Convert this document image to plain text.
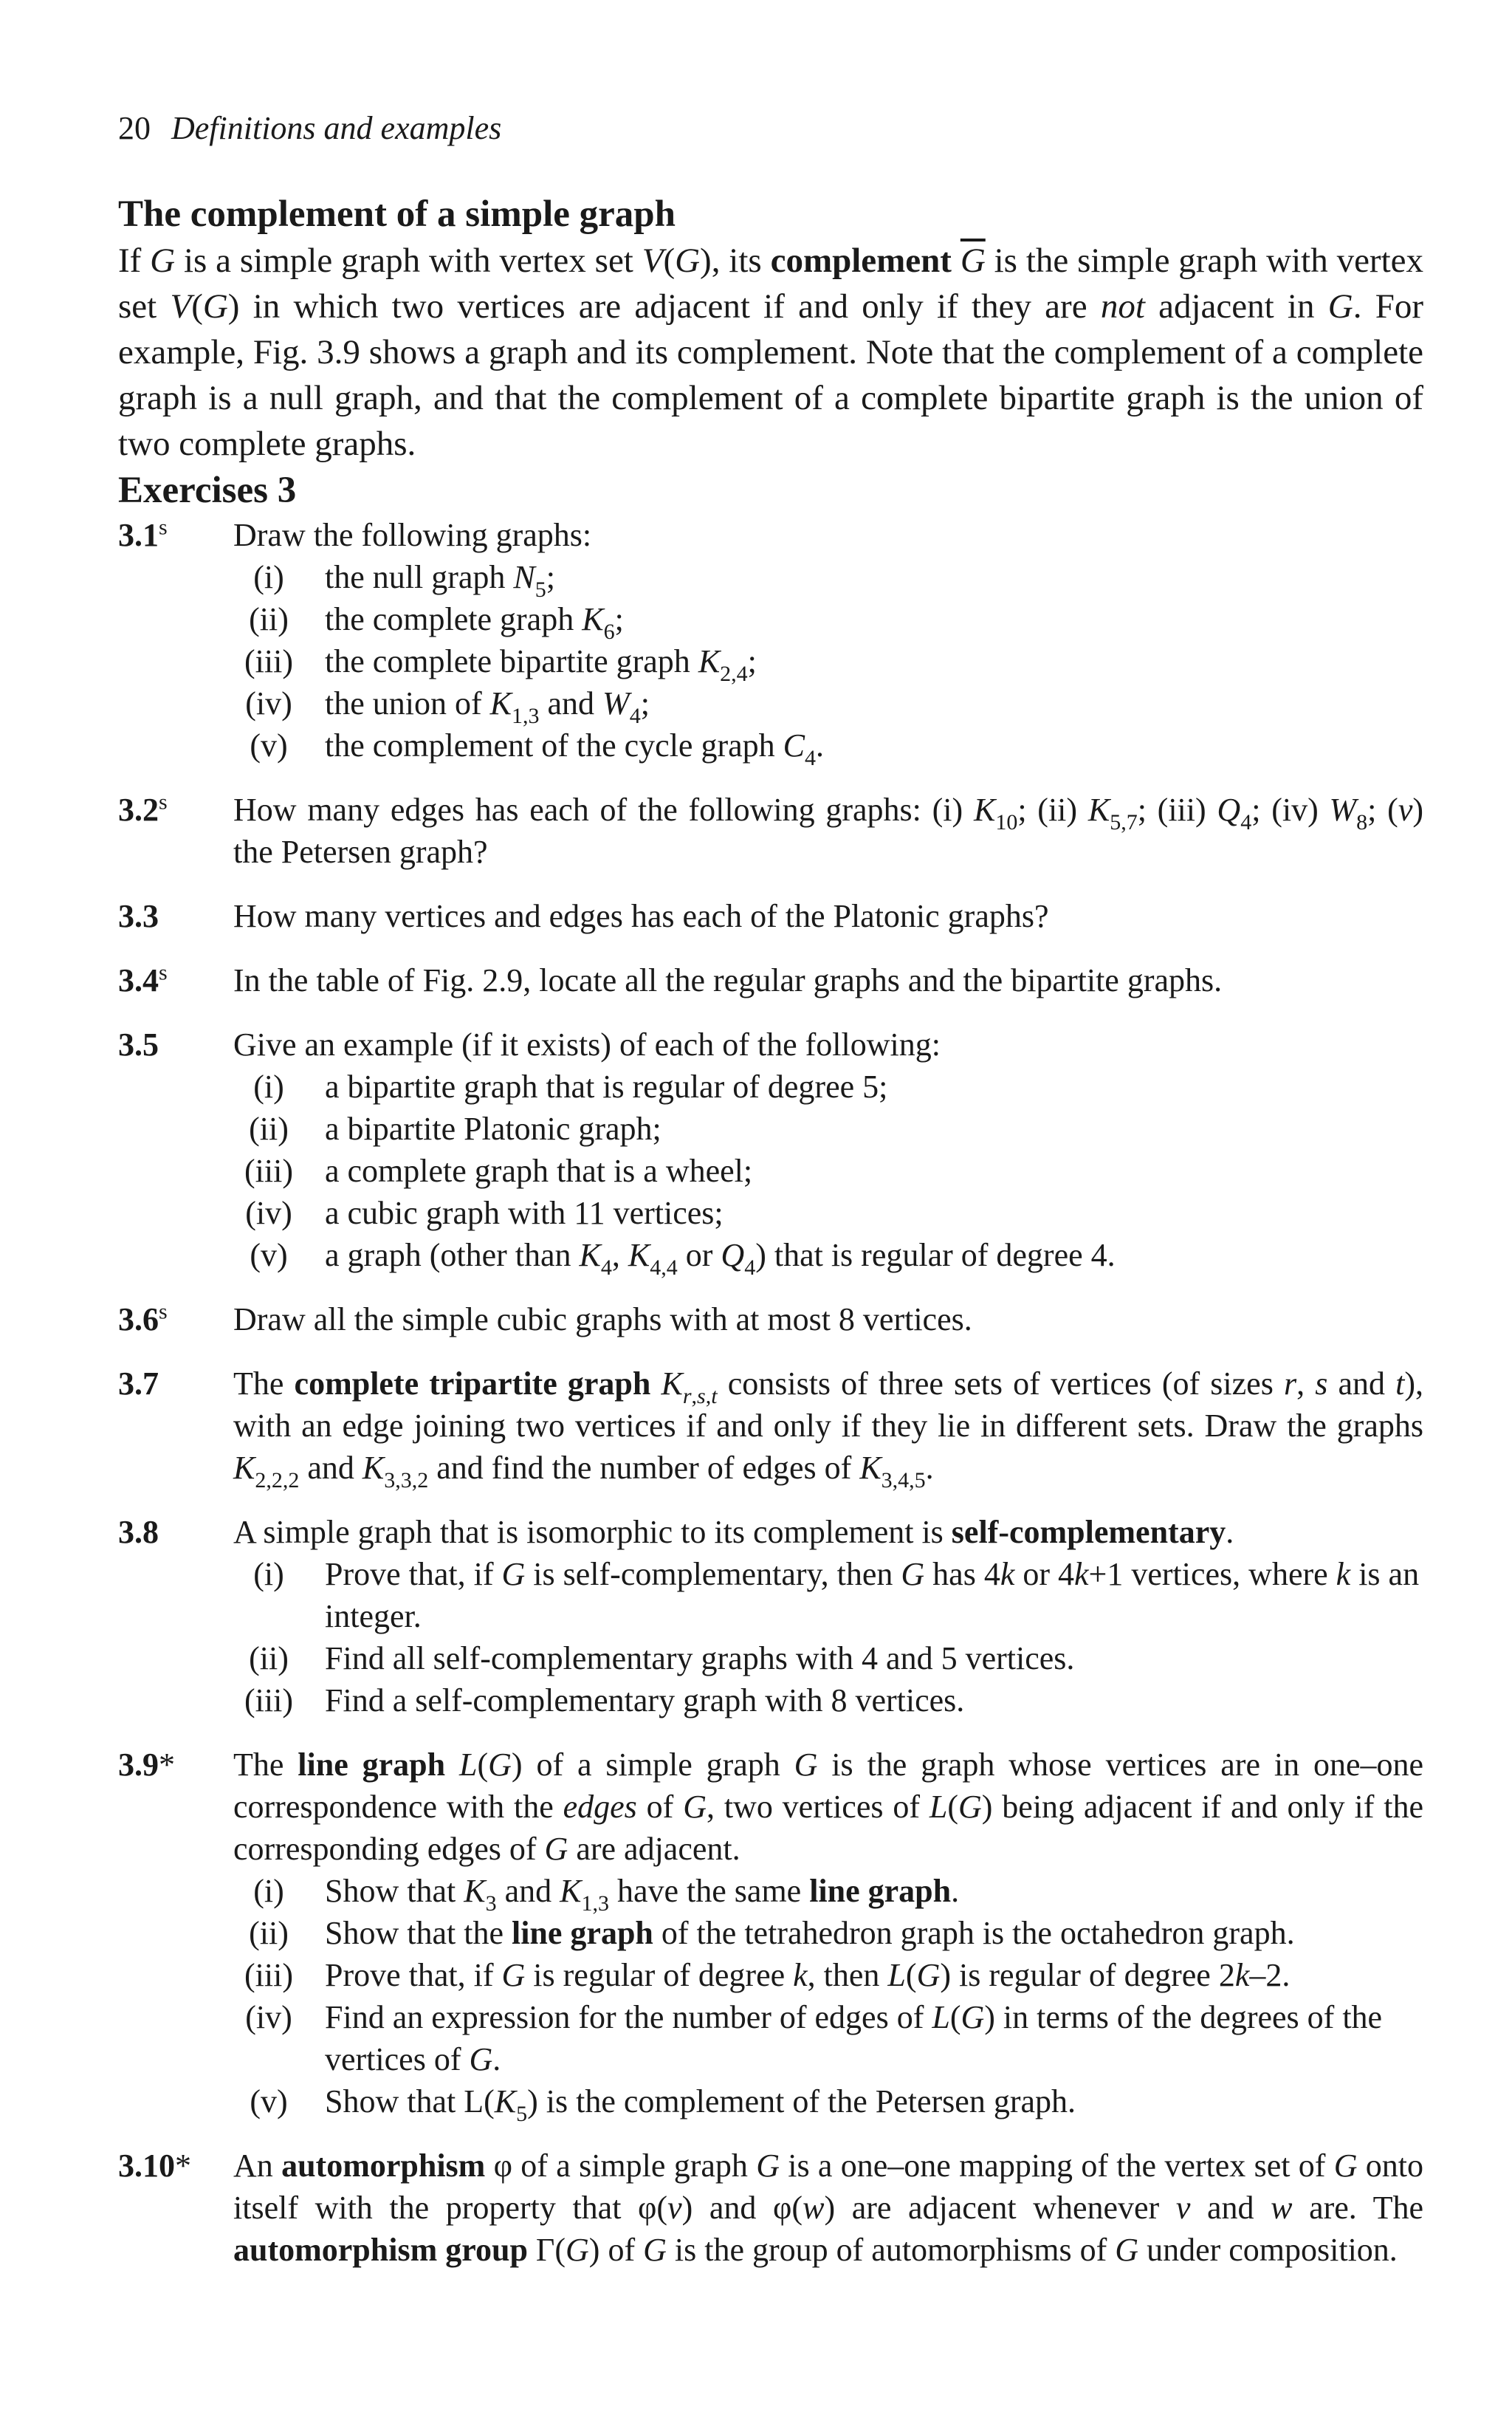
20 Definitions and examples
The complement of a simple graph

If G is a simple graph with vertex set V(G), its complement $\overline{G}$ is the simple graph with vertex set V(G) in which two vertices are adjacent if and only if they are not adjacent in G. For example, Fig. 3.9 shows a graph and its complement. Note that the complement of a complete graph is a null graph, and that the complement of a complete bipartite graph is the union of two complete graphs.

Exercises 3
3.1$^s$ Draw the following graphs:
(i)	the null graph $N_5$;
(ii)	the complete graph $K_6$;
(iii) the complete bipartite graph $K_{2,4}$;
(iv)	the union of $K_{1,3}$ and $W_4$;
(v)	the complement of the cycle graph $C_4$.
3.2$^s$ How many edges has each of the following graphs: (i) $K_{10}$; (ii) $K_{5,7}$; (iii) $Q_4$; (iv) $W_8$; (v) the Petersen graph?
3.3 How many vertices and edges has each of the Platonic graphs?
3.4$^s$ In the table of Fig. 2.9, locate all the regular graphs and the bipartite graphs.
3.5 Give an example (if it exists) of each of the following:
(i)	a bipartite graph that is regular of degree 5;
(ii)	a bipartite Platonic graph;
(iii) a complete graph that is a wheel;
(iv)	a cubic graph with 11 vertices;
(v)	a graph (other than $K_4$, $K_{4,4}$ or $Q_4$) that is regular of degree 4.
3.6$^s$ Draw all the simple cubic graphs with at most 8 vertices.
3.7 The complete tripartite graph $K_{r,s,t}$ consists of three sets of vertices (of sizes r, s and t), with an edge joining two vertices if and only if they lie in different sets. Draw the graphs $K_{2,2,2}$ and $K_{3,3,2}$ and find the number of edges of $K_{3,4,5}$.
3.8 A simple graph that is isomorphic to its complement is self-complementary.
(i)	Prove that, if G is self-complementary, then G has 4k or 4k+1 vertices, where k is an integer.
(ii)	Find all self-complementary graphs with 4 and 5 vertices.
(iii) Find a self-complementary graph with 8 vertices.
3.9* The line graph L(G) of a simple graph G is the graph whose vertices are in one–one correspondence with the edges of G, two vertices of L(G) being adjacent if and only if the corresponding edges of G are adjacent.
(i)	Show that $K_3$ and $K_{1,3}$ have the same line graph.
(ii)	Show that the line graph of the tetrahedron graph is the octahedron graph.
(iii) Prove that, if G is regular of degree k, then L(G) is regular of degree 2k–2.
(iv)	Find an expression for the number of edges of L(G) in terms of the degrees of the vertices of G.
(v)	Show that $L(K_5)$ is the complement of the Petersen graph.
3.10* An automorphism φ of a simple graph G is a one–one mapping of the vertex set of G onto itself with the property that φ(v) and φ(w) are adjacent whenever v and w are. The automorphism group Γ(G) of G is the group of automorphisms of G under composition.
